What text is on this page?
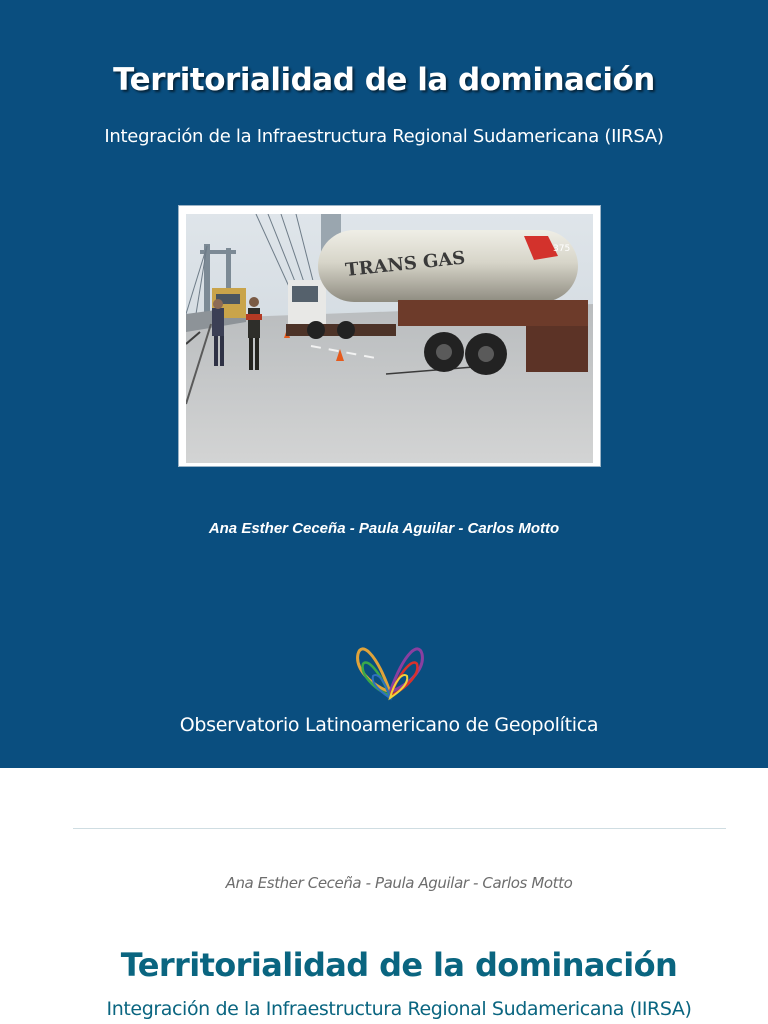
Territorialidad de la dominación
Integración de la Infraestructura Regional Sudamericana (IIRSA)
TRANS GAS	375
Ana Esther Ceceña - Paula Aguilar - Carlos Motto
Observatorio Latinoamericano de Geopolítica
Ana Esther Ceceña - Paula Aguilar - Carlos Motto
Territorialidad de la dominación
Integración de la Infraestructura Regional Sudamericana (IIRSA)
